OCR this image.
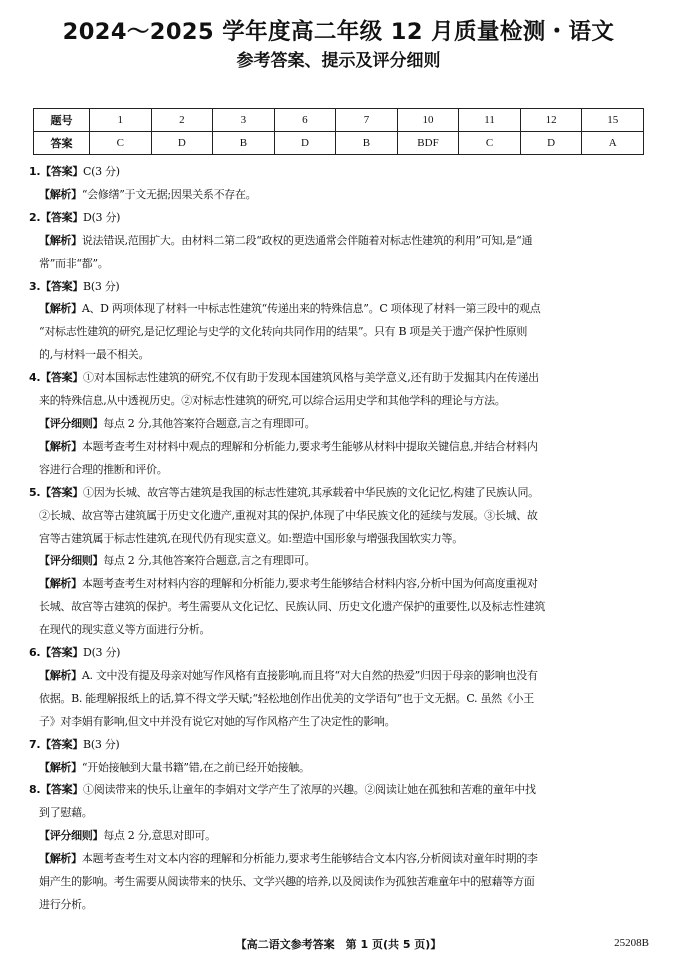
2024～2025 学年度高二年级 12 月质量检测・语文
参考答案、提示及评分细则
题号	1	2	3	6	7	10	11	12	15
答案	C	D	B	D	B	BDF	C	D	A

1.【答案】C(3 分)

【解析】“会修缮”于文无据;因果关系不存在。

2.【答案】D(3 分)

【解析】说法错误,范围扩大。由材料二第二段“政权的更迭通常会伴随着对标志性建筑的利用”可知,是“通

常”而非“都”。

3.【答案】B(3 分)

【解析】A、D 两项体现了材料一中标志性建筑“传递出来的特殊信息”。C 项体现了材料一第三段中的观点

“对标志性建筑的研究,是记忆理论与史学的文化转向共同作用的结果”。只有 B 项是关于遗产保护性原则

的,与材料一最不相关。

4.【答案】①对本国标志性建筑的研究,不仅有助于发现本国建筑风格与美学意义,还有助于发掘其内在传递出

来的特殊信息,从中透视历史。②对标志性建筑的研究,可以综合运用史学和其他学科的理论与方法。

【评分细则】每点 2 分,其他答案符合题意,言之有理即可。

【解析】本题考查考生对材料中观点的理解和分析能力,要求考生能够从材料中提取关键信息,并结合材料内

容进行合理的推断和评价。

5.【答案】①因为长城、故宫等古建筑是我国的标志性建筑,其承载着中华民族的文化记忆,构建了民族认同。

②长城、故宫等古建筑属于历史文化遗产,重视对其的保护,体现了中华民族文化的延续与发展。③长城、故

宫等古建筑属于标志性建筑,在现代仍有现实意义。如:塑造中国形象与增强我国软实力等。

【评分细则】每点 2 分,其他答案符合题意,言之有理即可。

【解析】本题考查考生对材料内容的理解和分析能力,要求考生能够结合材料内容,分析中国为何高度重视对

长城、故宫等古建筑的保护。考生需要从文化记忆、民族认同、历史文化遗产保护的重要性,以及标志性建筑

在现代的现实意义等方面进行分析。

6.【答案】D(3 分)

【解析】A. 文中没有提及母亲对她写作风格有直接影响,而且将“对大自然的热爱”归因于母亲的影响也没有

依据。B. 能理解报纸上的话,算不得文学天赋;“轻松地创作出优美的文学语句”也于文无据。C. 虽然《小王

子》对李娟有影响,但文中并没有说它对她的写作风格产生了决定性的影响。

7.【答案】B(3 分)

【解析】“开始接触到大量书籍”错,在之前已经开始接触。

8.【答案】①阅读带来的快乐,让童年的李娟对文学产生了浓厚的兴趣。②阅读让她在孤独和苦难的童年中找

到了慰藉。

【评分细则】每点 2 分,意思对即可。

【解析】本题考查考生对文本内容的理解和分析能力,要求考生能够结合文本内容,分析阅读对童年时期的李

娟产生的影响。考生需要从阅读带来的快乐、文学兴趣的培养,以及阅读作为孤独苦难童年中的慰藉等方面

进行分析。

【高二语文参考答案　第 1 页(共 5 页)】	25208B
